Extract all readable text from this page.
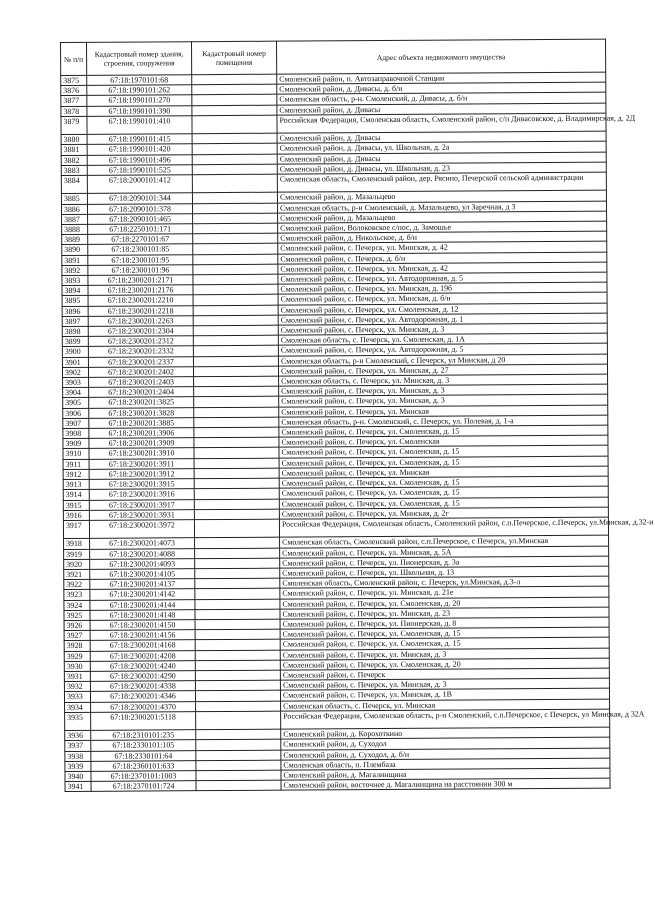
№ п/п	Кадастровый номер здания, строения, сооружения	Кадастровый номер помещения	Адрес объекта недвижимого имущества
3875	67:18:1970101:68		Смоленский район, п. Автозаправочной Станции
3876	67:18:1990101:262		Смоленский район, д. Дивасы, д. б/н
3877	67:18:1990101:270		Смоленская область, р-н. Смоленский, д. Дивасы, д. б/н
3878	67:18:1990101:390		Смоленский район, д. Дивасы
3879	67:18:1990101:410		Российская Федерация, Смоленская область, Смоленский район, с/п Дивасовское, д. Владимирская, д. 2Д
3880	67:18:1990101:415		Смоленский район, д. Дивасы
3881	67:18:1990101:420		Смоленский район, д. Дивасы, ул. Школьная, д. 2а
3882	67:18:1990101:496		Смоленский район, д. Дивасы
3883	67:18:1990101:525		Смоленский район, д. Дивасы, ул. Школьная, д. 23
3884	67:18:2000101:412		Смоленская область, Смоленский район, дер. Рясино, Печерской сельской администрации
3885	67:18:2090101:344		Смоленский район, д. Мазальцево
3886	67:18:2090101:378		Смоленская область, р-н Смоленский, д. Мазальцево, ул Заречная, д 3
3887	67:18:2090101:465		Смоленский район, д. Мазальцево
3888	67:18:2250101:171		Смоленский район, Волоковское с/пос, д. Замошье
3889	67:18:2270101:67		Смоленский район, д. Никольское, д. б/н
3890	67:18:2300101:85		Смоленский район, с. Печерск, ул. Минская, д. 42
3891	67:18:2300101:95		Смоленский район, с. Печерск, д. б/н
3892	67:18:2300101:96		Смоленский район, с. Печерск, ул. Минская, д. 42
3893	67:18:2300201:2171		Смоленский район, с. Печерск, ул. Автодорожная, д. 5
3894	67:18:2300201:2176		Смоленский район, с. Печерск, ул. Минская, д. 19б
3895	67:18:2300201:2210		Смоленский район, с. Печерск, ул. Минская, д. б/н
3896	67:18:2300201:2218		Смоленский район, с. Печерск, ул. Смоленская, д. 12
3897	67:18:2300201:2263		Смоленский район, с. Печерск, ул. Автодорожная, д. 1
3898	67:18:2300201:2304		Смоленский район, с. Печерск, ул. Минская, д. 3
3899	67:18:2300201:2312		Смоленская область, с. Печерск, ул. Смоленская, д. 1А
3900	67:18:2300201:2332		Смоленский район, с. Печерск, ул. Автодорожная, д. 5
3901	67:18:2300201:2337		Смоленская область, р-н Смоленский, с Печерск, ул Минская, д 20
3902	67:18:2300201:2402		Смоленский район, с. Печерск, ул. Минская, д. 27
3903	67:18:2300201:2403		Смоленская область, с. Печерск, ул. Минская, д. 3
3904	67:18:2300201:2404		Смоленский район, с. Печерск, ул. Минская, д. 3
3905	67:18:2300201:3825		Смоленский район, с. Печерск, ул. Минская, д. 3
3906	67:18:2300201:3828		Смоленский район, с. Печерск, ул. Минская
3907	67:18:2300201:3885		Смоленская область, р-н. Смоленский, с. Печерск, ул. Полевая, д. 1-а
3908	67:18:2300201:3906		Смоленский район, с. Печерск, ул. Смоленская, д. 15
3909	67:18:2300201:3909		Смоленский район, с. Печерск, ул. Смоленская
3910	67:18:2300201:3910		Смоленский район, с. Печерск, ул. Смоленская, д. 15
3911	67:18:2300201:3911		Смоленский район, с. Печерск, ул. Смоленская, д. 15
3912	67:18:2300201:3912		Смоленский район, с. Печерск, ул. Минская
3913	67:18:2300201:3915		Смоленский район, с. Печерск, ул. Смоленская, д. 15
3914	67:18:2300201:3916		Смоленский район, с. Печерск, ул. Смоленская, д. 15
3915	67:18:2300201:3917		Смоленский район, с. Печерск, ул. Смоленская, д. 15
3916	67:18:2300201:3931		Смоленский район, с. Печерск, ул. Минская, д. 2г
3917	67:18:2300201:3972		Российская Федерация, Смоленская область, Смоленский район, с.п.Печерское, с.Печерск, ул.Минская, д.32-и
3918	67:18:2300201:4073		Смоленская область, Смоленский район, с.п.Печерское, с Печерск, ул.Минская
3919	67:18:2300201:4088		Смоленский район, с. Печерск, ул. Минская, д. 5А
3920	67:18:2300201:4093		Смоленский район, с. Печерск, ул. Пионерская, д. 3а
3921	67:18:2300201:4105		Смоленский район, с. Печерск, ул. Школьная, д. 13
3922	67:18:2300201:4137		Смоленская область, Смоленский район, с. Печерск, ул.Минская, д.3-л
3923	67:18:2300201:4142		Смоленский район, с. Печерск, ул. Минская, д. 21е
3924	67:18:2300201:4144		Смоленский район, с. Печерск, ул. Смоленская, д. 20
3925	67:18:2300201:4148		Смоленский район, с. Печерск, ул. Минская, д. 23
3926	67:18:2300201:4150		Смоленский район, с. Печерск, ул. Пионерская, д. 8
3927	67:18:2300201:4156		Смоленский район, с. Печерск, ул. Смоленская, д. 15
3928	67:18:2300201:4168		Смоленский район, с. Печерск, ул. Смоленская, д. 15
3929	67:18:2300201:4208		Смоленский район, с. Печерск, ул. Минская, д. 3
3930	67:18:2300201:4240		Смоленский район, с. Печерск, ул. Смоленская, д. 20
3931	67:18:2300201:4290		Смоленский район, с. Печерск
3932	67:18:2300201:4338		Смоленский район, с. Печерск, ул. Минская, д. 3
3933	67:18:2300201:4346		Смоленский район, с. Печерск, ул. Минская, д. 1В
3934	67:18:2300201:4370		Смоленская область, с. Печерск, ул. Минская
3935	67:18:2300201:5118		Российская Федерация, Смоленская область, р-н Смоленский, с.п.Печерское, с Печерск, ул Минская, д 32А
3936	67:18:2310101:235		Смоленский район, д. Корохоткино
3937	67:18:2330101:105		Смоленский район, д. Суходол
3938	67:18:2330101:64		Смоленский район, д. Суходол, д. б/н
3939	67:18:2360101:633		Смоленская область, п. Плембаза
3940	67:18:2370101:1003		Смоленский район, д. Магалинщина
3941	67:18:2370101:724		Смоленский район, восточнее д. Магалинщина на расстоянии 300 м
